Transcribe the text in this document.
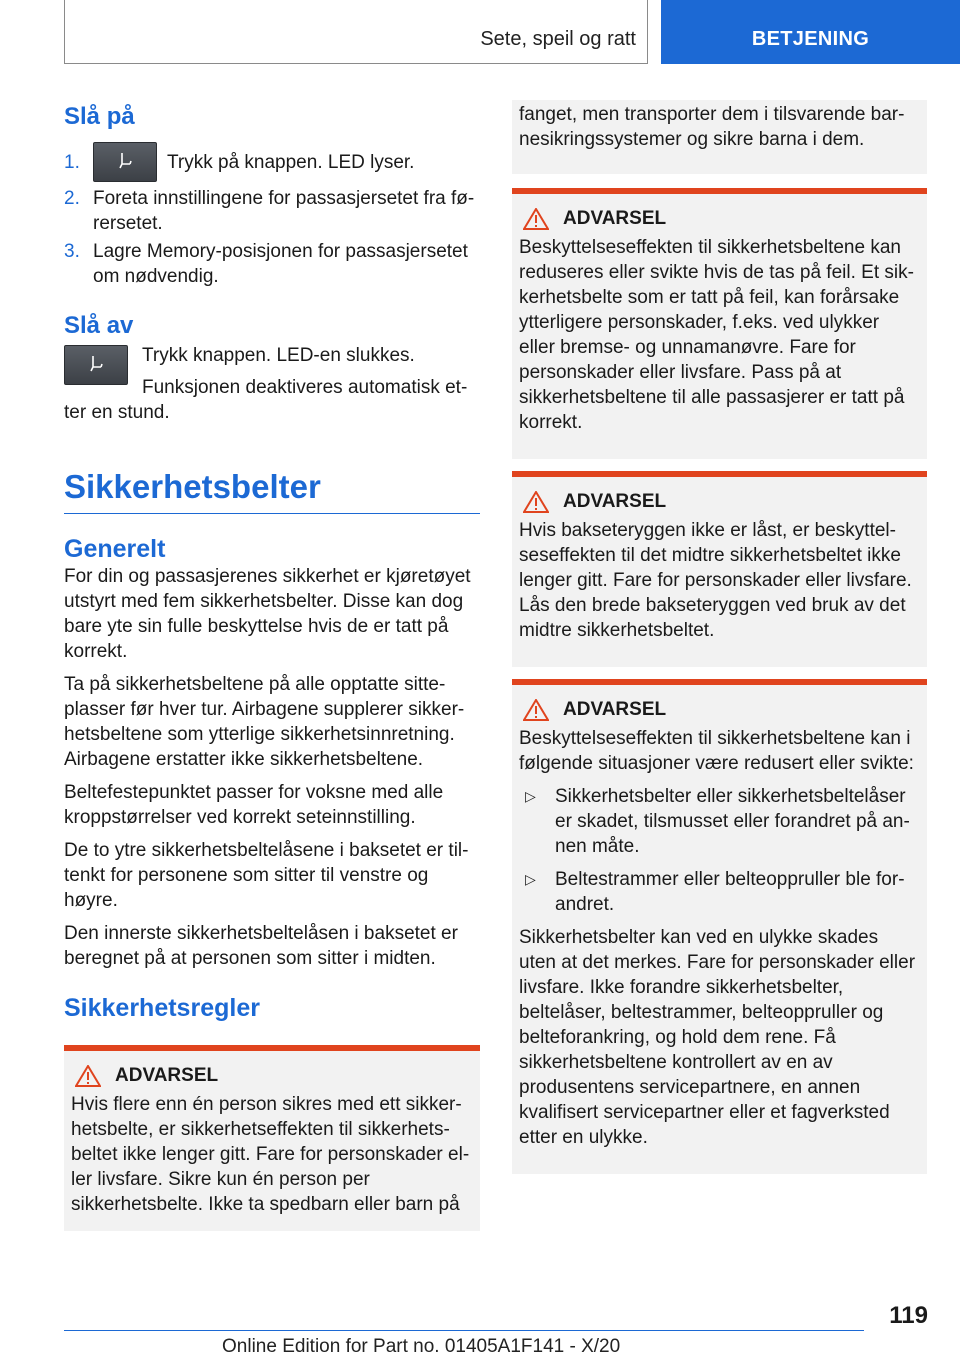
Sete, speil og ratt	BETJENING
Slå på
1.	Trykk på knappen. LED lyser.
2. Foreta innstillingene for passasjersetet fra førersetet.
3. Lagre Memory-posisjonen for passasjersetet om nødvendig.
Slå av

Trykk knappen. LED-en slukkes.

Funksjonen deaktiveres automatisk etter en stund.

Sikkerhetsbelter
Generelt

For din og passasjerenes sikkerhet er kjøretøyet utstyrt med fem sikkerhetsbelter. Disse kan dog bare yte sin fulle beskyttelse hvis de er tatt på korrekt.

Ta på sikkerhetsbeltene på alle opptatte sitteplasser før hver tur. Airbagene supplerer sikkerhetsbeltene som ytterlige sikkerhetsinnretning. Airbagene erstatter ikke sikkerhetsbeltene.

Beltefestepunktet passer for voksne med alle kroppstørrelser ved korrekt seteinnstilling.

De to ytre sikkerhetsbeltelåsene i baksetet er tiltenkt for personene som sitter til venstre og høyre.

Den innerste sikkerhetsbeltelåsen i baksetet er beregnet på at personen som sitter i midten.

Sikkerhetsregler
ADVARSEL

Hvis flere enn én person sikres med ett sikkerhetsbelte, er sikkerhetseffekten til sikkerhetsbeltet ikke lenger gitt. Fare for personskader eller livsfare. Sikre kun én person per sikkerhetsbelte. Ikke ta spedbarn eller barn på

fanget, men transporter dem i tilsvarende barnesikringssystemer og sikre barna i dem.

ADVARSEL

Beskyttelseseffekten til sikkerhetsbeltene kan reduseres eller svikte hvis de tas på feil. Et sikkerhetsbelte som er tatt på feil, kan forårsake ytterligere personskader, f.eks. ved ulykker eller bremse- og unnamanøvre. Fare for personskader eller livsfare. Pass på at sikkerhetsbeltene til alle passasjerer er tatt på korrekt.

ADVARSEL

Hvis bakseteryggen ikke er låst, er beskyttelseseffekten til det midtre sikkerhetsbeltet ikke lenger gitt. Fare for personskader eller livsfare. Lås den brede bakseteryggen ved bruk av det midtre sikkerhetsbeltet.

ADVARSEL

Beskyttelseseffekten til sikkerhetsbeltene kan i følgende situasjoner være redusert eller svikte:

▷	Sikkerhetsbelter eller sikkerhetsbeltelåser er skadet, tilsmusset eller forandret på annen måte.
▷	Beltestrammer eller belteoppruller ble forandret.

Sikkerhetsbelter kan ved en ulykke skades uten at det merkes. Fare for personskader eller livsfare. Ikke forandre sikkerhetsbelter, beltelåser, beltestrammer, belteoppruller og belteforankring, og hold dem rene. Få sikkerhetsbeltene kontrollert av en av produsentens servicepartnere, en annen kvalifisert servicepartner eller et fagverksted etter en ulykke.

119
Online Edition for Part no. 01405A1F141 - X/20
